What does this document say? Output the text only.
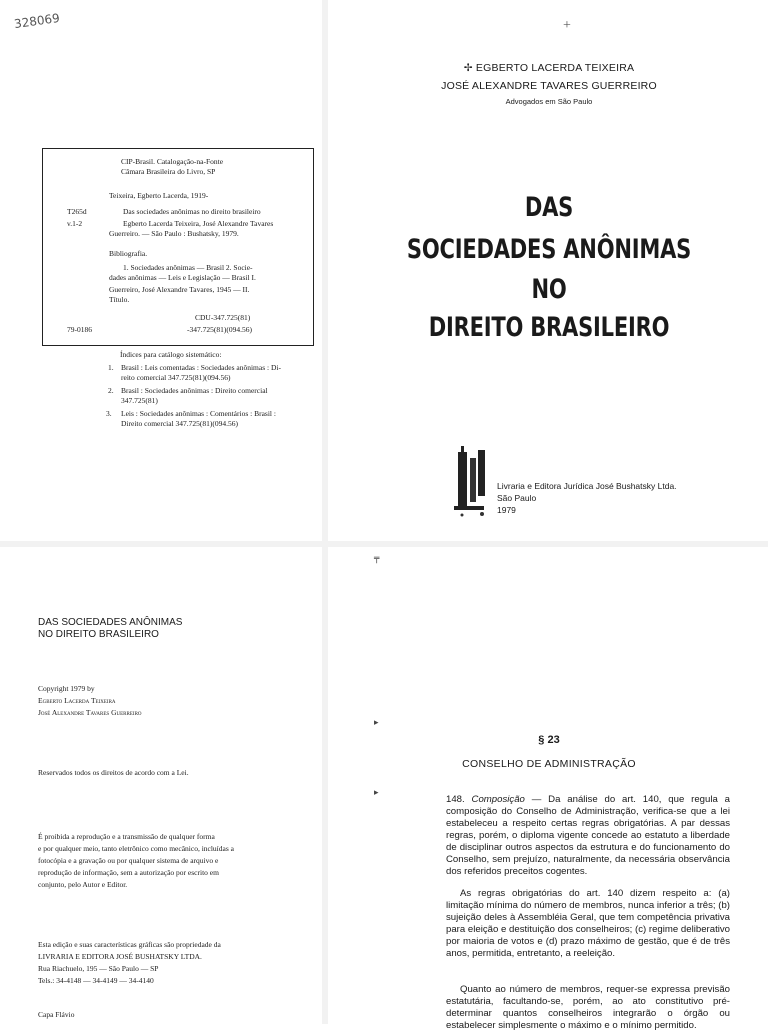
328069
CIP-Brasil. Catalogação-na-Fonte
Câmara Brasileira do Livro, SP
Teixeira, Egberto Lacerda, 1919-
T265d	Das sociedades anônimas no direito brasileiro
v.1-2	Egberto Lacerda Teixeira, José Alexandre Tavares
Guerreiro. — São Paulo : Bushatsky, 1979.
Bibliografia.
1. Sociedades anônimas — Brasil 2. Socie-
dades anônimas — Leis e Legislação — Brasil I.
Guerreiro, José Alexandre Tavares, 1945 — II.
Título.
CDU-347.725(81)
79-0186	-347.725(81)(094.56)
Índices para catálogo sistemático:
1. Brasil : Leis comentadas : Sociedades anônimas : Di-
reito comercial 347.725(81)(094.56)
2. Brasil : Sociedades anônimas : Direito comercial
347.725(81)
3. Leis : Sociedades anônimas : Comentários : Brasil :
Direito comercial 347.725(81)(094.56)
+
✢ EGBERTO LACERDA TEIXEIRA
JOSÉ ALEXANDRE TAVARES GUERREIRO
Advogados em São Paulo
DAS
SOCIEDADES ANÔNIMAS
NO
DIREITO BRASILEIRO
Livraria e Editora Jurídica José Bushatsky Ltda.
São Paulo
1979
DAS SOCIEDADES ANÔNIMAS
NO DIREITO BRASILEIRO
Copyright 1979 by
Egberto Lacerda Teixeira
José Alexandre Tavares Guerreiro
Reservados todos os direitos de acordo com a Lei.
É proibida a reprodução e a transmissão de qualquer forma
e por qualquer meio, tanto eletrônico como mecânico, incluídas a
fotocópia e a gravação ou por qualquer sistema de arquivo e
reprodução de informação, sem a autorização por escrito em
conjunto, pelo Autor e Editor.
Esta edição e suas características gráficas são propriedade da
LIVRARIA E EDITORA JOSÉ BUSHATSKY LTDA.
Rua Riachuelo, 195 — São Paulo — SP
Tels.: 34-4148 — 34-4149 — 34-4140
Capa Flávio
╤
▸
▸
§ 23
CONSELHO DE ADMINISTRAÇÃO
148. Composição — Da análise do art. 140, que regula a composição do Conselho de Administração, verifica-se que a lei estabeleceu a respeito certas regras obrigatórias. A par dessas regras, porém, o diploma vigente concede ao estatuto a liberdade de disciplinar outros aspectos da estrutura e do funcionamento do Conselho, sem prejuízo, naturalmente, da necessária observância dos referidos preceitos cogentes.
As regras obrigatórias do art. 140 dizem respeito a: (a) limitação mínima do número de membros, nunca inferior a três; (b) sujeição deles à Assembléia Geral, que tem competência privativa para eleição e destituição dos conselheiros; (c) regime deliberativo por maioria de votos e (d) prazo máximo de gestão, que é de três anos, permitida, entretanto, a reeleição.
Quanto ao número de membros, requer-se expressa previsão estatutária, facultando-se, porém, ao ato constitutivo pré-determinar quantos conselheiros integrarão o órgão ou estabelecer simplesmente o máximo e o mínimo permitido.
